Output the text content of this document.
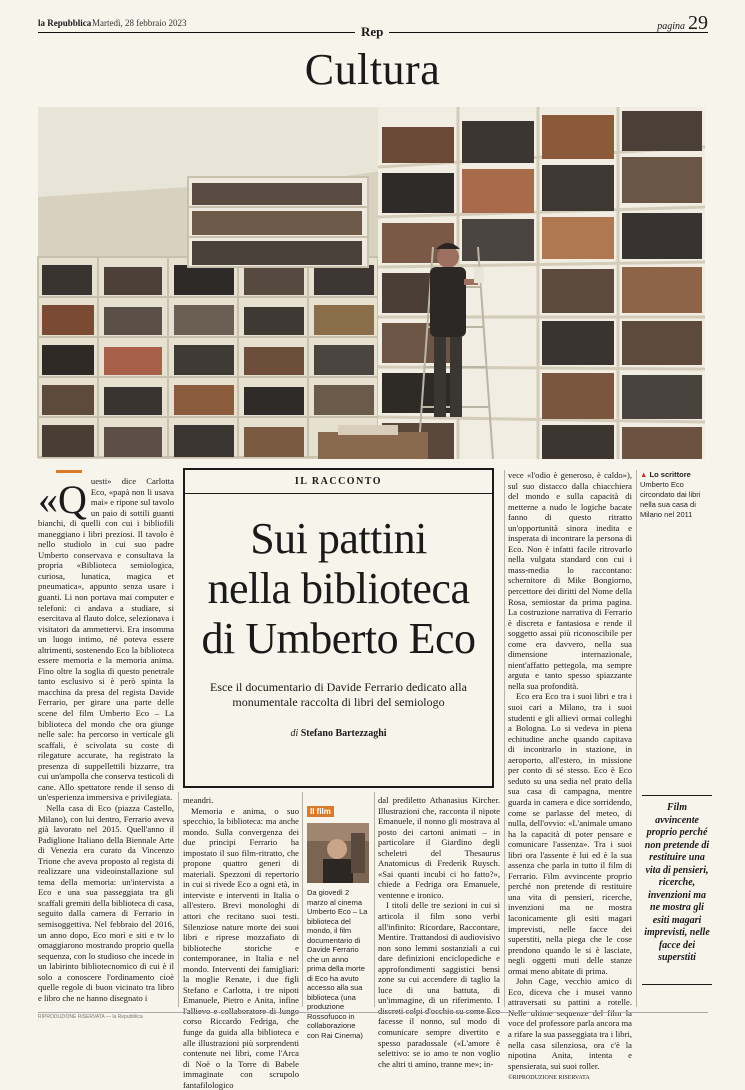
la Repubblica Martedì, 28 febbraio 2023	pagina 29
Rep
Cultura
▲ Lo scrittore Umberto Eco circondato dai libri nella sua casa di Milano nel 2011
«Q uesti» dice Carlotta Eco, «papà non li usava mai» e ripone sul tavolo un paio di sottili guanti bianchi, di quelli con cui i bibliofili maneggiano i libri preziosi. Il tavolo è nello studiolo in cui suo padre Umberto conservava e consultava la propria «Biblioteca semiologica, curiosa, lunatica, magica et pneumatica», appunto senza usare i guanti. Li non portava mai computer e telefoni: ci andava a studiare, si esercitava al flauto dolce, selezionava i visitatori da ammettervi. Era insomma un luogo intimo, né poteva essere altrimenti, sostenendo Eco la biblioteca essere memoria e la memoria anima. Fino oltre la soglia di questo penetrale tanto esclusivo si è però spinta la macchina da presa del regista Davide Ferrario, per girare una parte delle scene del film Umberto Eco – La biblioteca del mondo che ora giunge nelle sale: ha percorso in verticale gli scaffali, è scivolata su coste di rilegature accurate, ha registrato la presenza di suppellettili bizzarre, tra cui un'ampolla che conserva testicoli di cane. Allo spettatore rende il senso di un'esperienza immersiva e privilegiata.

Nella casa di Eco (piazza Castello, Milano), con lui dentro, Ferrario aveva già lavorato nel 2015. Quell'anno il Padiglione Italiano della Biennale Arte di Venezia era curato da Vincenzo Trione che aveva proposto al regista di realizzare una videoinstallazione sul tema della memoria: un'intervista a Eco e una sua passeggiata tra gli scaffali gremiti della biblioteca di casa, seguito dalla camera di Ferrario in semisoggettiva. Nel febbraio del 2016, un anno dopo, Eco morì e siti e tv lo omaggiarono mostrando proprio quella sequenza, con lo studioso che incede in un labirinto bibliotecnomico di cui è il solo a conoscere l'ordinamento cioè quelle regole di buon vicinato tra libro e libro che ne hanno disegnato i

IL RACCONTO
Sui pattini
nella biblioteca
di Umberto Eco
Esce il documentario di Davide Ferrario dedicato alla monumentale raccolta di libri del semiologo
di Stefano Bartezzaghi

meandri.

Memoria e anima, o suo specchio, la biblioteca: ma anche mondo. Sulla convergenza dei due principi Ferrario ha impostato il suo film-ritratto, che propone quattro generi di materiali. Spezzoni di repertorio in cui si rivede Eco a ogni età, in interviste e interventi in Italia o all'estero. Brevi monologhi di attori che recitano suoi testi. Silenziose nature morte dei suoi libri e riprese mozzafiato di biblioteche storiche e contemporanee, in Italia e nel mondo. Interventi dei famigliari: la moglie Renate, i due figli Stefano e Carlotta, i tre nipoti Emanuele, Pietro e Anita, infine l'allievo e collaboratore di lungo corso Riccardo Fedriga, che funge da guida alla biblioteca e alle illustrazioni più sorprendenti contenute nei libri, come l'Arca di Noè o la Torre di Babele immaginate con scrupolo fantafilologico

Il film
Da giovedì 2 marzo al cinema Umberto Eco – La biblioteca del mondo, il film documentario di Davide Ferrario che un anno prima della morte di Eco ha avuto accesso alla sua biblioteca (una produzione Rossofuoco in collaborazione con Rai Cinema)

dal prediletto Athanasius Kircher. Illustrazioni che, racconta il nipote Emanuele, il nonno gli mostrava al posto dei cartoni animati – in particolare il Giardino degli scheletri del Thesaurus Anatomicus di Frederik Ruysch. «Sai quanti incubi ci ho fatto?», chiede a Fedriga ora Emanuele, ventenne e ironico.

I titoli delle tre sezioni in cui si articola il film sono verbi all'infinito: Ricordare, Raccontare, Mentire. Trattandosi di audiovisivo non sono lemmi sostanziali a cui dare definizioni enciclopediche e approfondimenti saggistici bensì zone su cui accendere di taglio la luce di una battuta, di un'immagine, di un riferimento. I discreti colpi d'occhio su come Eco facesse il nonno, sul modo di comunicare sempre divertito e spesso paradossale («L'amore è selettivo: se io amo te non voglio che altri ti amino, tranne me»; in-

vece «l'odio è generoso, è caldo»), sul suo distacco dalla chiacchiera del mondo e sulla capacità di metterne a nudo le logiche bacate fanno di questo ritratto un'opportunità sinora inedita e insperata di incontrare la persona di Eco. Non è infatti facile ritrovarlo nella vulgata standard con cui i mass-media lo raccontano: schernitore di Mike Bongiorno, percettore dei diritti del Nome della Rosa, semiostar da prima pagina. La costruzione narrativa di Ferrario è discreta e fantasiosa e rende il soggetto assai più riconoscibile per come era davvero, nella sua dimensione internazionale, nient'affatto pettegola, ma sempre arguta e tanto spesso spiazzante nella sua profondità.

Eco era Eco tra i suoi libri e tra i suoi cari a Milano, tra i suoi studenti e gli allievi ormai colleghi a Bologna. Lo si vedeva in piena echitudine anche quando capitava di incontrarlo in stazione, in aeroporto, all'estero, in missione per conto di sé stesso. Eco è Eco seduto su una sedia nel prato della sua casa di campagna, mentre guarda in camera e dice sorridendo, come se parlasse del meteo, di nulla, dell'ovvio: «L'animale umano ha la capacità di poter pensare e comunicare l'assenza». Tra i suoi libri ora l'assente è lui ed è la sua assenza che parla in tutto il film di Ferrario. Film avvincente proprio perché non pretende di restituire una vita di pensieri, ricerche, invenzioni ma ne mostra laconicamente gli esiti magari imprevisti, nelle facce dei superstiti, nella piega che le cose prendono quando le si è lasciate, negli oggetti muti delle stanze ormai meno abitate di prima.

John Cage, vecchio amico di Eco, diceva che i musei vanno attraversati su pattini a rotelle. Nelle ultime sequenze del film la voce del professore parla ancora ma a rifare la sua passeggiata tra i libri, nella casa silenziosa, ora c'è la nipotina Anita, intenta e spensierata, sui suoi roller.

©RIPRODUZIONE RISERVATA

Film avvincente proprio perché non pretende di restituire una vita di pensieri, ricerche, invenzioni ma ne mostra gli esiti magari imprevisti, nelle facce dei superstiti
RIPRODUZIONE RISERVATA — la Repubblica
